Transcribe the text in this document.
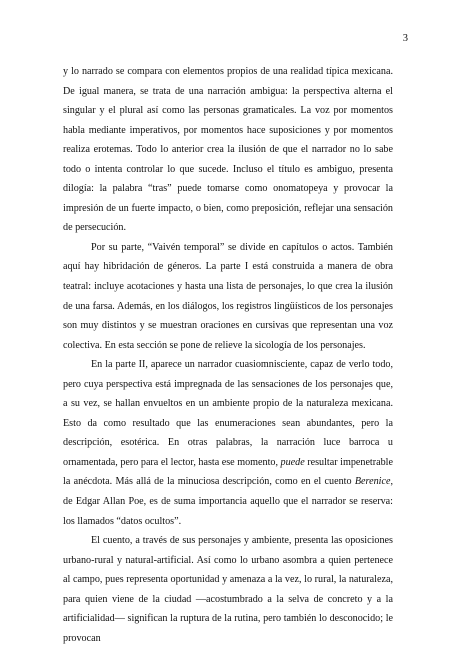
3

y lo narrado se compara con elementos propios de una realidad típica mexicana. De igual manera, se trata de una narración ambigua: la perspectiva alterna el singular y el plural así como las personas gramaticales. La voz por momentos habla mediante imperativos, por momentos hace suposiciones y por momentos realiza erotemas. Todo lo anterior crea la ilusión de que el narrador no lo sabe todo o intenta controlar lo que sucede. Incluso el título es ambiguo, presenta dilogía: la palabra “tras” puede tomarse como onomatopeya y provocar la impresión de un fuerte impacto, o bien, como preposición, reflejar una sensación de persecución.

Por su parte, “Vaivén temporal” se divide en capítulos o actos. También aquí hay hibridación de géneros. La parte I está construida a manera de obra teatral: incluye acotaciones y hasta una lista de personajes, lo que crea la ilusión de una farsa. Además, en los diálogos, los registros lingüísticos de los personajes son muy distintos y se muestran oraciones en cursivas que representan una voz colectiva. En esta sección se pone de relieve la sicología de los personajes.

En la parte II, aparece un narrador cuasiomnisciente, capaz de verlo todo, pero cuya perspectiva está impregnada de las sensaciones de los personajes que, a su vez, se hallan envueltos en un ambiente propio de la naturaleza mexicana. Esto da como resultado que las enumeraciones sean abundantes, pero la descripción, esotérica. En otras palabras, la narración luce barroca u ornamentada, pero para el lector, hasta ese momento, puede resultar impenetrable la anécdota. Más allá de la minuciosa descripción, como en el cuento Berenice, de Edgar Allan Poe, es de suma importancia aquello que el narrador se reserva: los llamados “datos ocultos”.

El cuento, a través de sus personajes y ambiente, presenta las oposiciones urbano-rural y natural-artificial. Así como lo urbano asombra a quien pertenece al campo, pues representa oportunidad y amenaza a la vez, lo rural, la naturaleza, para quien viene de la ciudad —acostumbrado a la selva de concreto y a la artificialidad— significan la ruptura de la rutina, pero también lo desconocido; le provocan
